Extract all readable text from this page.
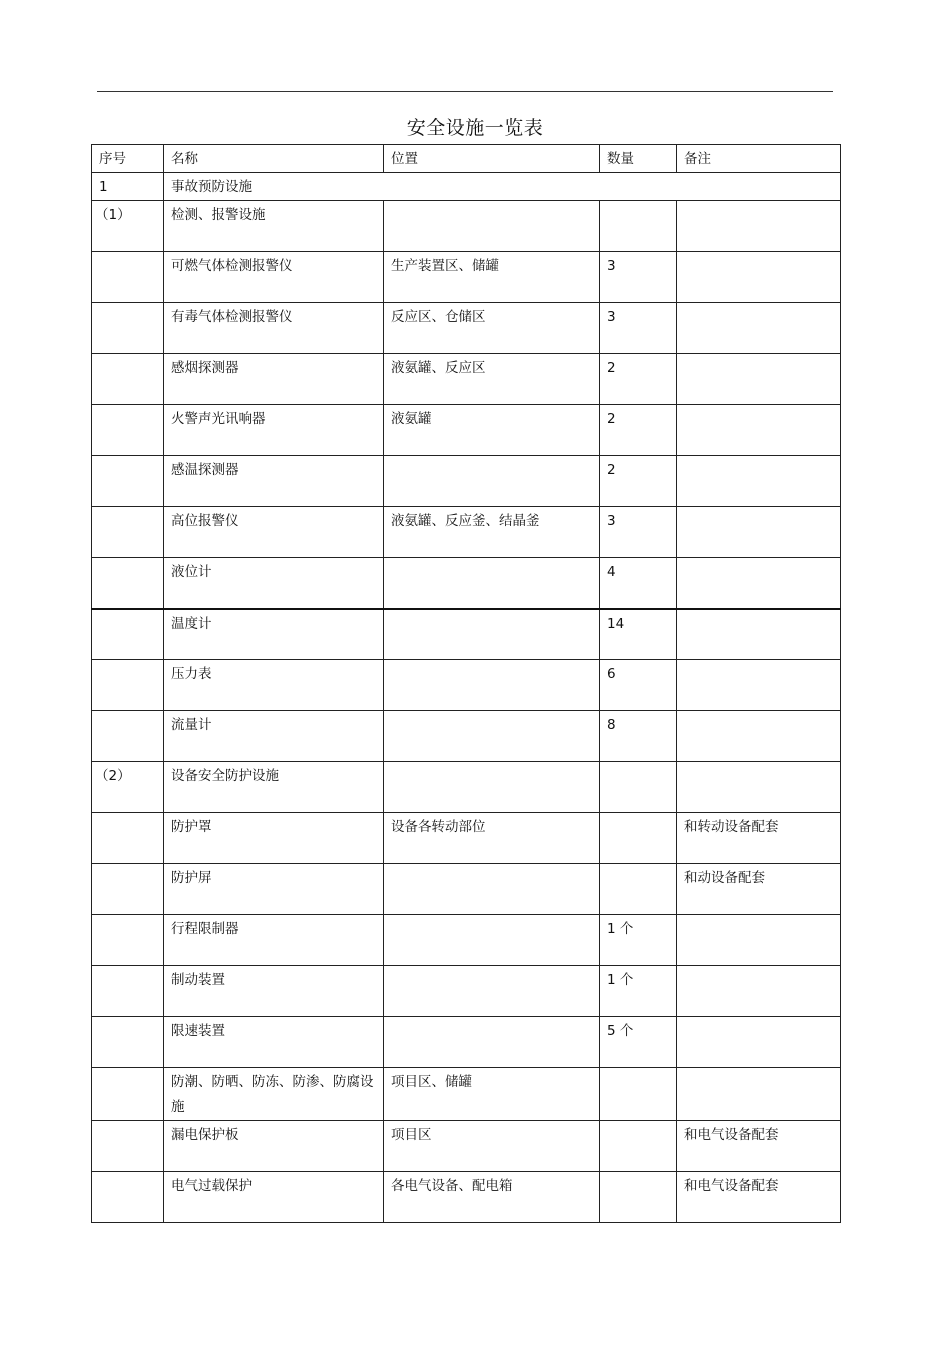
安全设施一览表
序号	名称	位置	数量	备注
1	事故预防设施			
（1）	检测、报警设施			
	可燃气体检测报警仪	生产装置区、储罐	3	
	有毒气体检测报警仪	反应区、仓储区	3	
	感烟探测器	液氨罐、反应区	2	
	火警声光讯响器	液氨罐	2	
	感温探测器		2	
	高位报警仪	液氨罐、反应釜、结晶釜	3	
	液位计		4	
	温度计		14	
	压力表		6	
	流量计		8	
（2）	设备安全防护设施			
	防护罩	设备各转动部位		和转动设备配套
	防护屏			和动设备配套
	行程限制器		1 个	
	制动装置		1 个	
	限速装置		5 个	
	防潮、防晒、防冻、防渗、防腐设施	项目区、储罐		
	漏电保护板	项目区		和电气设备配套
	电气过载保护	各电气设备、配电箱		和电气设备配套
